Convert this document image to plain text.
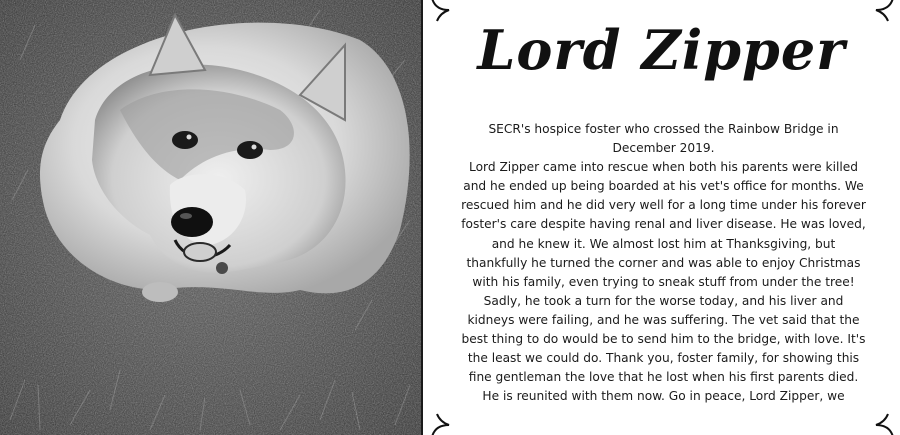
Lord Zipper

SECR's hospice foster who crossed the Rainbow Bridge in December 2019.

Lord Zipper came into rescue when both his parents were killed and he ended up being boarded at his vet's office for months. We rescued him and he did very well for a long time under his forever foster's care despite having renal and liver disease. He was loved, and he knew it. We almost lost him at Thanksgiving, but thankfully he turned the corner and was able to enjoy Christmas with his family, even trying to sneak stuff from under the tree! Sadly, he took a turn for the worse today, and his liver and kidneys were failing, and he was suffering. The vet said that the best thing to do would be to send him to the bridge, with love. It's the least we could do. Thank you, foster family, for showing this fine gentleman the love that he lost when his first parents died. He is reunited with them now. Go in peace, Lord Zipper, we
